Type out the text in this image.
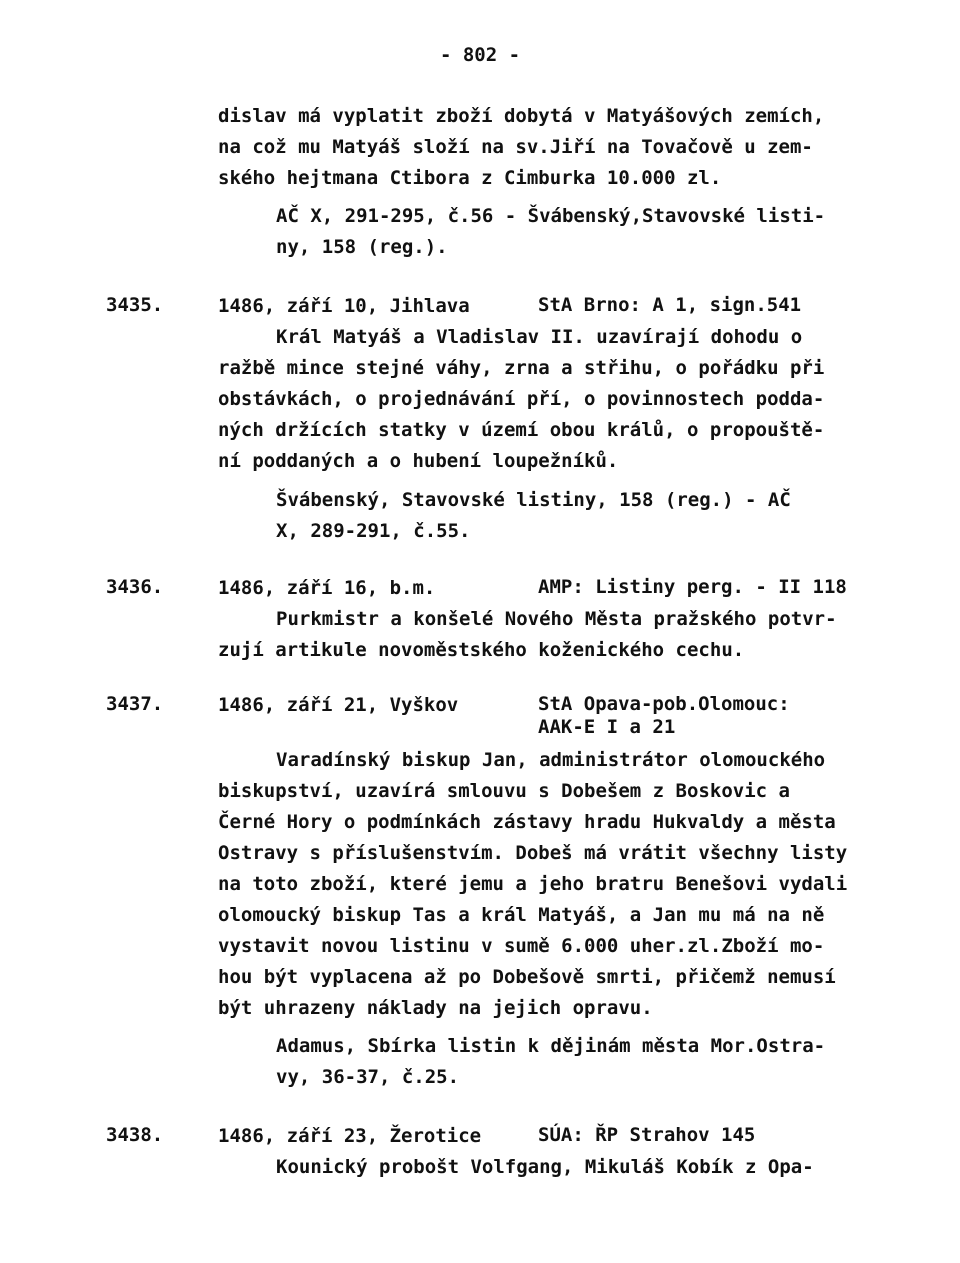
- 802 -
dislav má vyplatit zboží dobytá v Matyášových zemích,
na což mu Matyáš složí na sv.Jiří na Tovačově u zem-
ského hejtmana Ctibora z Cimburka 10.000 zl.
AČ X, 291-295, č.56 - Švábenský,Stavovské listi-
ny, 158 (reg.).
3435.	1486, září 10, Jihlava	StA Brno: A 1, sign.541
Král Matyáš a Vladislav II. uzavírají dohodu o
ražbě mince stejné váhy, zrna a střihu, o pořádku při
obstávkách, o projednávání pří, o povinnostech podda-
ných držících statky v území obou králů, o propouště-
ní poddaných a o hubení loupežníků.
Švábenský, Stavovské listiny, 158 (reg.) - AČ
X, 289-291, č.55.
3436.	1486, září 16, b.m.	AMP: Listiny perg. - II 118
Purkmistr a konšelé Nového Města pražského potvr-
zují artikule novoměstského koženického cechu.
3437.	1486, září 21, Vyškov	StA Opava-pob.Olomouc:
AAK-E I a 21
Varadínský biskup Jan, administrátor olomouckého
biskupství, uzavírá smlouvu s Dobešem z Boskovic a
Černé Hory o podmínkách zástavy hradu Hukvaldy a města
Ostravy s příslušenstvím. Dobeš má vrátit všechny listy
na toto zboží, které jemu a jeho bratru Benešovi vydali
olomoucký biskup Tas a král Matyáš, a Jan mu má na ně
vystavit novou listinu v sumě 6.000 uher.zl.Zboží mo-
hou být vyplacena až po Dobešově smrti, přičemž nemusí
být uhrazeny náklady na jejich opravu.
Adamus, Sbírka listin k dějinám města Mor.Ostra-
vy, 36-37, č.25.
3438.	1486, září 23, Žerotice	SÚA: ŘP Strahov 145
Kounický probošt Volfgang, Mikuláš Kobík z Opa-
